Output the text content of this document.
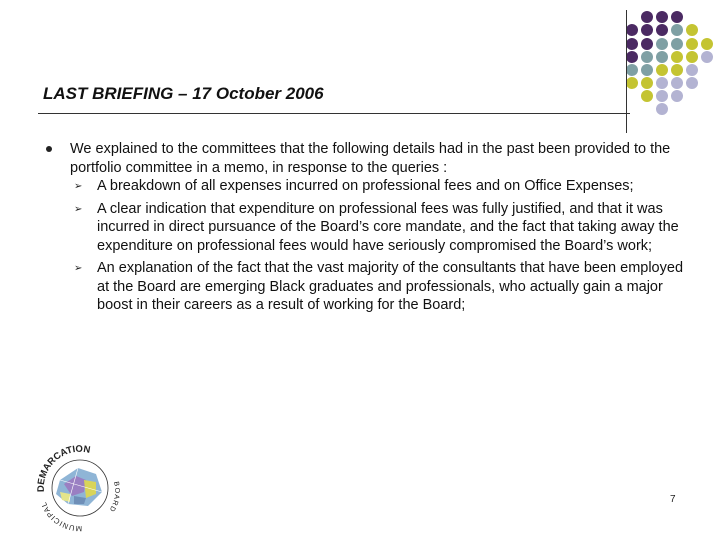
LAST BRIEFING – 17 October 2006
We explained to the committees that the following details had in the past been provided to the portfolio committee in a memo, in response to the queries :
➢ A breakdown of all expenses incurred on professional fees and on Office Expenses;
➢ A clear indication that expenditure on professional fees was fully justified, and that it was incurred in direct pursuance of the Board’s core mandate, and the fact that taking away the expenditure on professional fees would have seriously compromised the Board’s work;
➢ An explanation of the fact that the vast majority of the consultants that have been employed at the Board are emerging Black graduates and professionals, who actually gain a major boost in their careers as a result of working for the Board;
DEMARCATION
BOARD
MUNICIPAL	7
